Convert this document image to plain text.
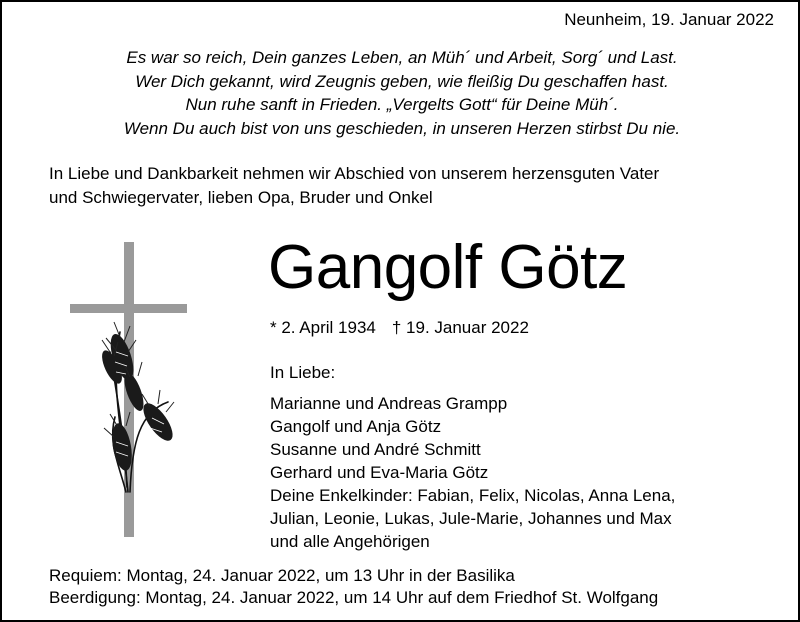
Neunheim, 19. Januar 2022
Es war so reich, Dein ganzes Leben, an Müh´ und Arbeit, Sorg´ und Last.
Wer Dich gekannt, wird Zeugnis geben, wie fleißig Du geschaffen hast.
Nun ruhe sanft in Frieden. „Vergelts Gott“ für Deine Müh´.
Wenn Du auch bist von uns geschieden, in unseren Herzen stirbst Du nie.
In Liebe und Dankbarkeit nehmen wir Abschied von unserem herzensguten Vater
und Schwiegervater, lieben Opa, Bruder und Onkel
Gangolf Götz
* 2. April 1934 † 19. Januar 2022
In Liebe:
Marianne und Andreas Grampp
Gangolf und Anja Götz
Susanne und André Schmitt
Gerhard und Eva-Maria Götz
Deine Enkelkinder: Fabian, Felix, Nicolas, Anna Lena,
Julian, Leonie, Lukas, Jule-Marie, Johannes und Max
und alle Angehörigen
Requiem: Montag, 24. Januar 2022, um 13 Uhr in der Basilika
Beerdigung: Montag, 24. Januar 2022, um 14 Uhr auf dem Friedhof St. Wolfgang
